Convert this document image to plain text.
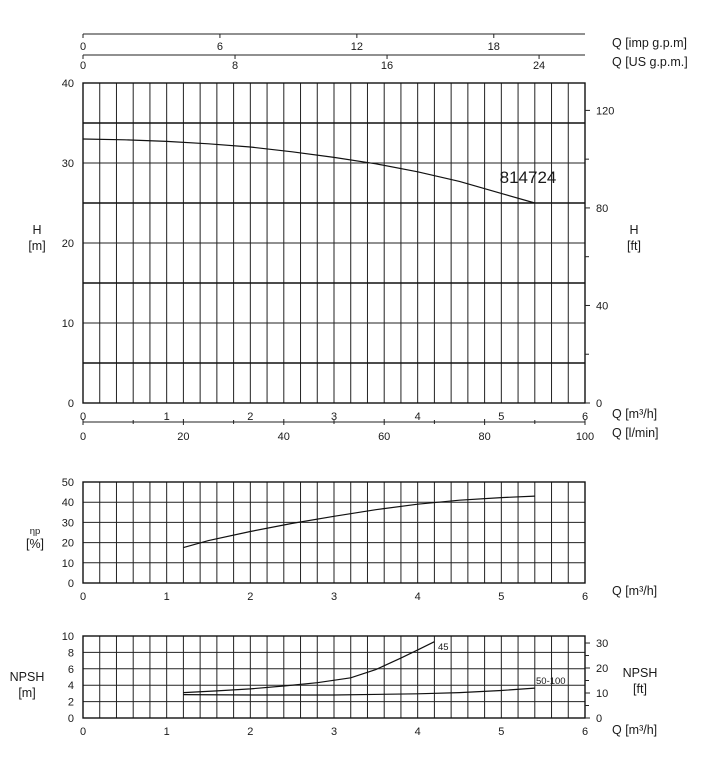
0
10
20
30
40
0
40
80
120
0	1	2	3	4	5	6
0	20	40	60	80	100
0	6	12	18
0	8	16	24
Q [imp g.p.m]
Q [US g.p.m.]
Q [m³/h]
Q [l/min]
H
[m]
H
[ft]
814724
0
10
20
30
40
50
0	1	2	3	4	5	6 Q [m³/h]
ηp
[%]
0
2
4
6
8
10
0	1	2	3	4	5	6
0
10
20
30
Q [m³/h]
NPSH
[m]
NPSH
[ft]
45
50-100
